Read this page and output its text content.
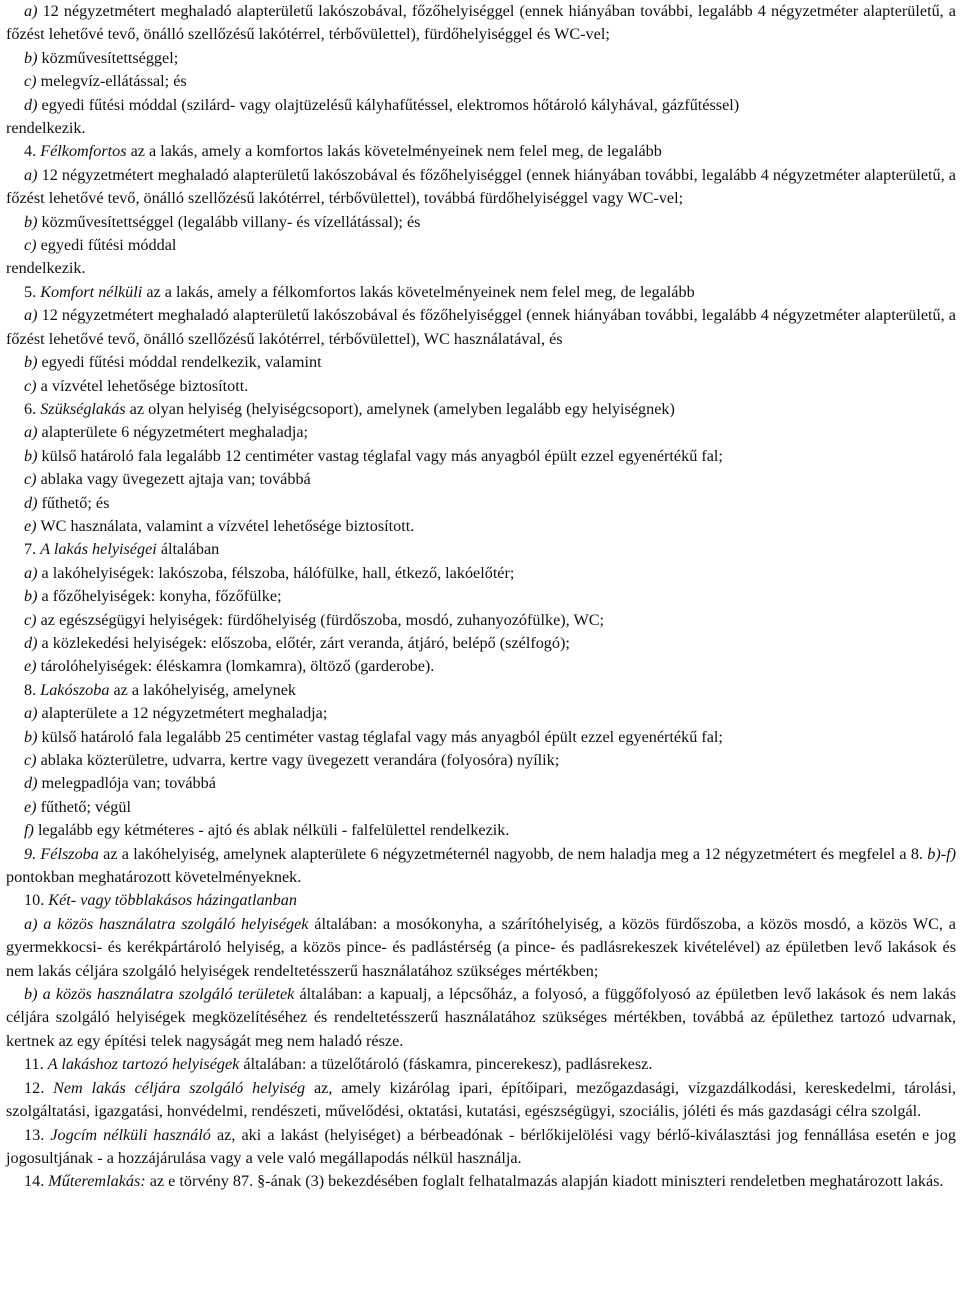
a) 12 négyzetmétert meghaladó alapterületű lakószobával, főzőhelyiséggel (ennek hiányában további, legalább 4 négyzetméter alapterületű, a főzést lehetővé tevő, önálló szellőzésű lakótérrel, térbővülettel), fürdőhelyiséggel és WC-vel;

b) közművesítettséggel;

c) melegvíz-ellátással; és

d) egyedi fűtési móddal (szilárd- vagy olajtüzelésű kályhafűtéssel, elektromos hőtároló kályhával, gázfűtéssel)

rendelkezik.

4. Félkomfortos az a lakás, amely a komfortos lakás követelményeinek nem felel meg, de legalább

a) 12 négyzetmétert meghaladó alapterületű lakószobával és főzőhelyiséggel (ennek hiányában további, legalább 4 négyzetméter alapterületű, a főzést lehetővé tevő, önálló szellőzésű lakótérrel, térbővülettel), továbbá fürdőhelyiséggel vagy WC-vel;

b) közművesítettséggel (legalább villany- és vízellátással); és

c) egyedi fűtési móddal

rendelkezik.

5. Komfort nélküli az a lakás, amely a félkomfortos lakás követelményeinek nem felel meg, de legalább

a) 12 négyzetmétert meghaladó alapterületű lakószobával és főzőhelyiséggel (ennek hiányában további, legalább 4 négyzetméter alapterületű, a főzést lehetővé tevő, önálló szellőzésű lakótérrel, térbővülettel), WC használatával, és

b) egyedi fűtési móddal rendelkezik, valamint

c) a vízvétel lehetősége biztosított.

6. Szükséglakás az olyan helyiség (helyiségcsoport), amelynek (amelyben legalább egy helyiségnek)

a) alapterülete 6 négyzetmétert meghaladja;

b) külső határoló fala legalább 12 centiméter vastag téglafal vagy más anyagból épült ezzel egyenértékű fal;

c) ablaka vagy üvegezett ajtaja van; továbbá

d) fűthető; és

e) WC használata, valamint a vízvétel lehetősége biztosított.

7. A lakás helyiségei általában

a) a lakóhelyiségek: lakószoba, félszoba, hálófülke, hall, étkező, lakóelőtér;

b) a főzőhelyiségek: konyha, főzőfülke;

c) az egészségügyi helyiségek: fürdőhelyiség (fürdőszoba, mosdó, zuhanyozófülke), WC;

d) a közlekedési helyiségek: előszoba, előtér, zárt veranda, átjáró, belépő (szélfogó);

e) tárolóhelyiségek: éléskamra (lomkamra), öltöző (garderobe).

8. Lakószoba az a lakóhelyiség, amelynek

a) alapterülete a 12 négyzetmétert meghaladja;

b) külső határoló fala legalább 25 centiméter vastag téglafal vagy más anyagból épült ezzel egyenértékű fal;

c) ablaka közterületre, udvarra, kertre vagy üvegezett verandára (folyosóra) nyílik;

d) melegpadlója van; továbbá

e) fűthető; végül

f) legalább egy kétméteres - ajtó és ablak nélküli - falfelülettel rendelkezik.

9. Félszoba az a lakóhelyiség, amelynek alapterülete 6 négyzetméternél nagyobb, de nem haladja meg a 12 négyzetmétert és megfelel a 8. b)-f) pontokban meghatározott követelményeknek.

10. Két- vagy többlakásos házingatlanban

a) a közös használatra szolgáló helyiségek általában: a mosókonyha, a szárítóhelyiség, a közös fürdőszoba, a közös mosdó, a közös WC, a gyermekkocsi- és kerékpártároló helyiség, a közös pince- és padlástérség (a pince- és padlásrekeszek kivételével) az épületben levő lakások és nem lakás céljára szolgáló helyiségek rendeltetésszerű használatához szükséges mértékben;

b) a közös használatra szolgáló területek általában: a kapualj, a lépcsőház, a folyosó, a függőfolyosó az épületben levő lakások és nem lakás céljára szolgáló helyiségek megközelítéséhez és rendeltetésszerű használatához szükséges mértékben, továbbá az épülethez tartozó udvarnak, kertnek az egy építési telek nagyságát meg nem haladó része.

11. A lakáshoz tartozó helyiségek általában: a tüzelőtároló (fáskamra, pincerekesz), padlásrekesz.

12. Nem lakás céljára szolgáló helyiség az, amely kizárólag ipari, építőipari, mezőgazdasági, vízgazdálkodási, kereskedelmi, tárolási, szolgáltatási, igazgatási, honvédelmi, rendészeti, művelődési, oktatási, kutatási, egészségügyi, szociális, jóléti és más gazdasági célra szolgál.

13. Jogcím nélküli használó az, aki a lakást (helyiséget) a bérbeadónak - bérlőkijelölési vagy bérlő-kiválasztási jog fennállása esetén e jog jogosultjának - a hozzájárulása vagy a vele való megállapodás nélkül használja.

14. Műteremlakás: az e törvény 87. §-ának (3) bekezdésében foglalt felhatalmazás alapján kiadott miniszteri rendeletben meghatározott lakás.
